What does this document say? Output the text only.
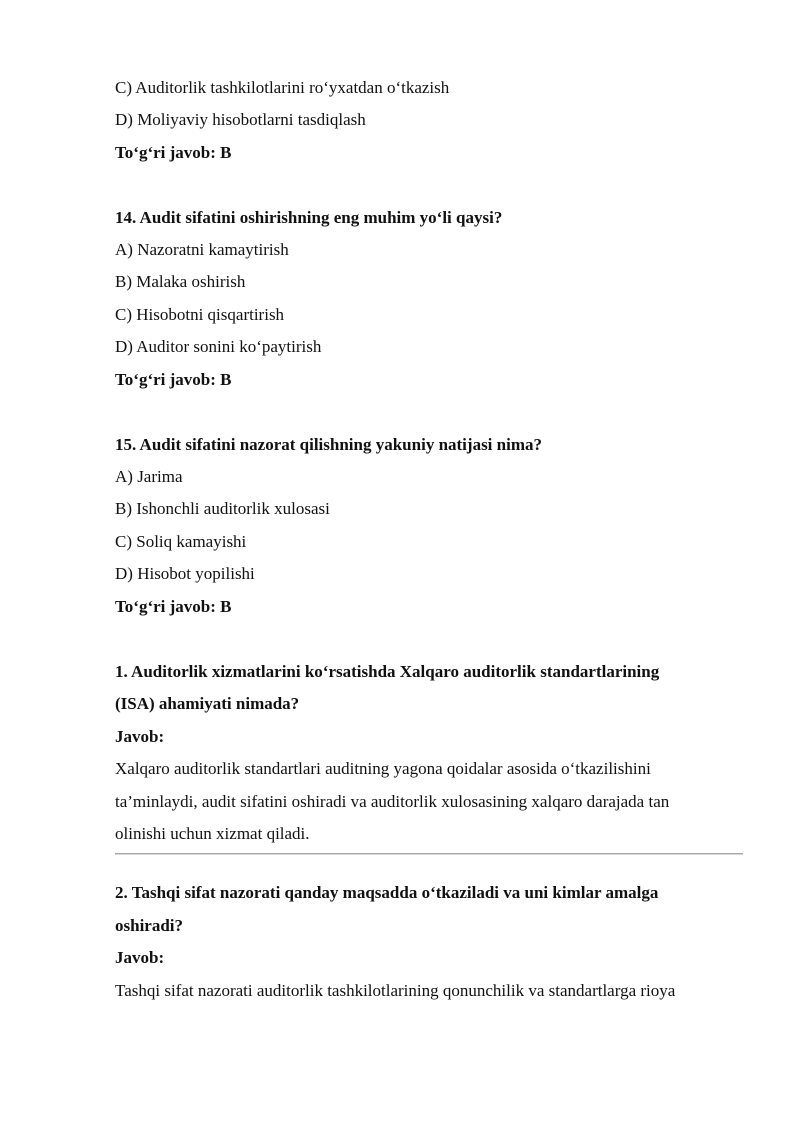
C) Auditorlik tashkilotlarini ro‘yxatdan o‘tkazish
D) Moliyaviy hisobotlarni tasdiqlash
To‘g‘ri javob: B
14. Audit sifatini oshirishning eng muhim yo‘li qaysi?
A) Nazoratni kamaytirish
B) Malaka oshirish
C) Hisobotni qisqartirish
D) Auditor sonini ko‘paytirish
To‘g‘ri javob: B
15. Audit sifatini nazorat qilishning yakuniy natijasi nima?
A) Jarima
B) Ishonchli auditorlik xulosasi
C) Soliq kamayishi
D) Hisobot yopilishi
To‘g‘ri javob: B
1. Auditorlik xizmatlarini ko‘rsatishda Xalqaro auditorlik standartlarining
(ISA) ahamiyati nimada?
Javob:
Xalqaro auditorlik standartlari auditning yagona qoidalar asosida o‘tkazilishini
ta’minlaydi, audit sifatini oshiradi va auditorlik xulosasining xalqaro darajada tan
olinishi uchun xizmat qiladi.
2. Tashqi sifat nazorati qanday maqsadda o‘tkaziladi va uni kimlar amalga
oshiradi?
Javob:
Tashqi sifat nazorati auditorlik tashkilotlarining qonunchilik va standartlarga rioya
